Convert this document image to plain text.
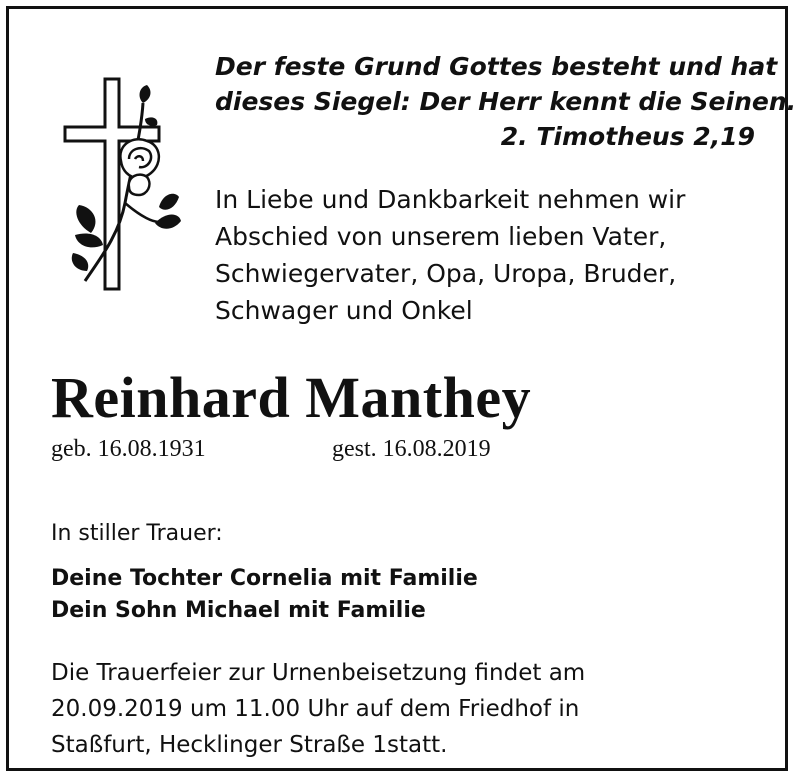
Der feste Grund Gottes besteht und hat
dieses Siegel: Der Herr kennt die Seinen.
2. Timotheus 2,19
In Liebe und Dankbarkeit nehmen wir
Abschied von unserem lieben Vater,
Schwiegervater, Opa, Uropa, Bruder,
Schwager und Onkel
Reinhard Manthey
geb. 16.08.1931	gest. 16.08.2019
In stiller Trauer:
Deine Tochter Cornelia mit Familie
Dein Sohn Michael mit Familie
Die Trauerfeier zur Urnenbeisetzung findet am
20.09.2019 um 11.00 Uhr auf dem Friedhof in
Staßfurt, Hecklinger Straße 1statt.
